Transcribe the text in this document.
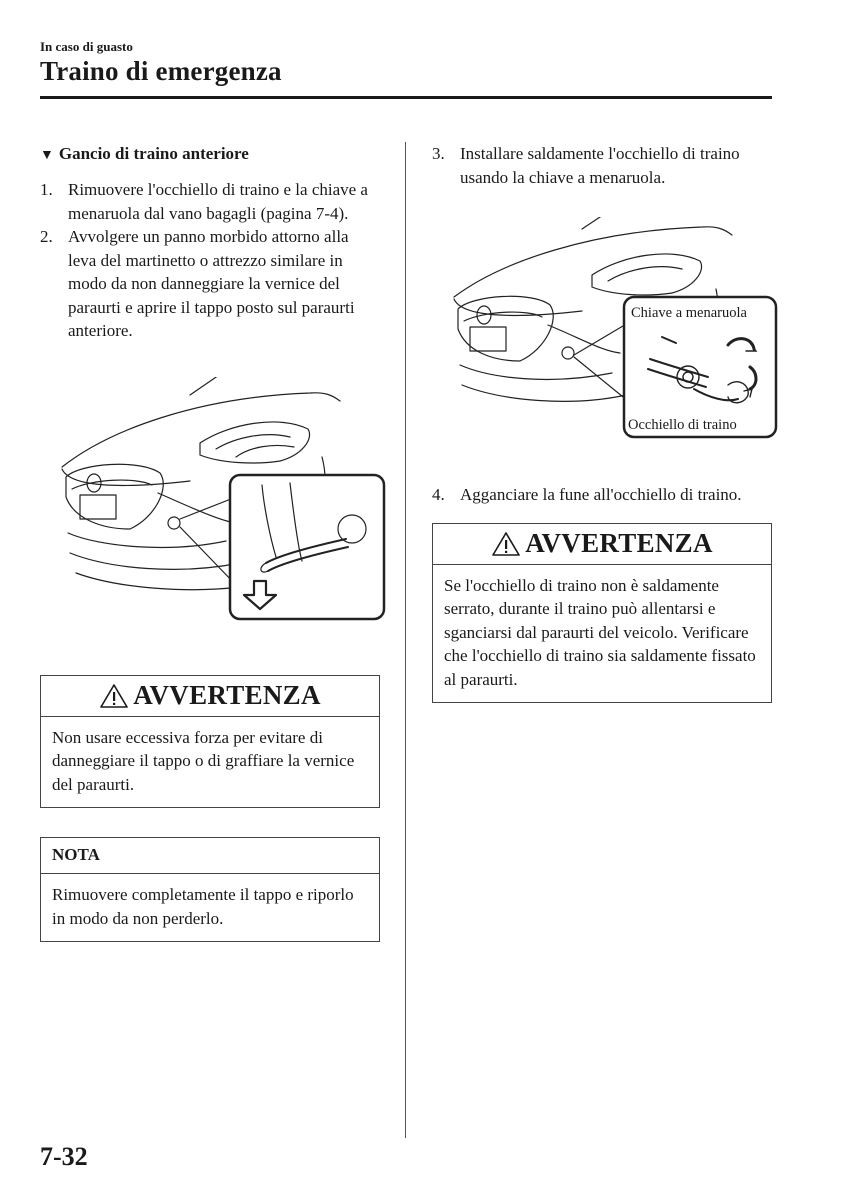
In caso di guasto
Traino di emergenza
▼ Gancio di traino anteriore
1. Rimuovere l'occhiello di traino e la chiave a menaruola dal vano bagagli (pagina 7-4).
2. Avvolgere un panno morbido attorno alla leva del martinetto o attrezzo similare in modo da non danneggiare la vernice del paraurti e aprire il tappo posto sul paraurti anteriore.
AVVERTENZA
Non usare eccessiva forza per evitare di danneggiare il tappo o di graffiare la vernice del paraurti.
NOTA
Rimuovere completamente il tappo e riporlo in modo da non perderlo.
3. Installare saldamente l'occhiello di traino usando la chiave a menaruola.
Chiave a menaruola
Occhiello di traino
4. Agganciare la fune all'occhiello di traino.
AVVERTENZA
Se l'occhiello di traino non è saldamente serrato, durante il traino può allentarsi e sganciarsi dal paraurti del veicolo. Verificare che l'occhiello di traino sia saldamente fissato al paraurti.
7-32
